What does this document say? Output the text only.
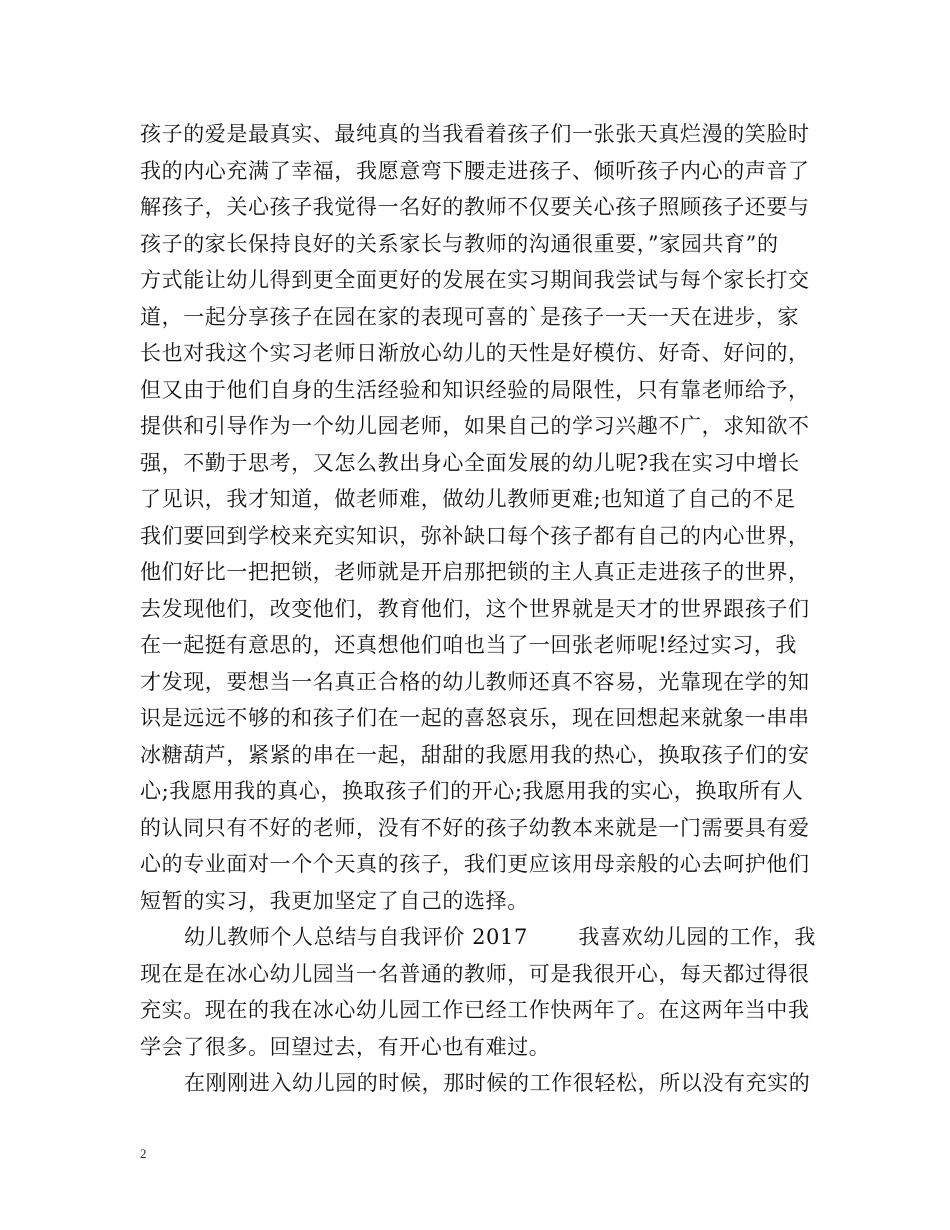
孩子的爱是最真实、最纯真的当我看着孩子们一张张天真烂漫的笑脸时
我的内心充满了幸福，我愿意弯下腰走进孩子、倾听孩子内心的声音了
解孩子，关心孩子我觉得一名好的教师不仅要关心孩子照顾孩子还要与
孩子的家长保持良好的关系家长与教师的沟通很重要，”家园共育”的
方式能让幼儿得到更全面更好的发展在实习期间我尝试与每个家长打交
道，一起分享孩子在园在家的表现可喜的`是孩子一天一天在进步，家
长也对我这个实习老师日渐放心幼儿的天性是好模仿、好奇、好问的，
但又由于他们自身的生活经验和知识经验的局限性，只有靠老师给予，
提供和引导作为一个幼儿园老师，如果自己的学习兴趣不广，求知欲不
强，不勤于思考，又怎么教出身心全面发展的幼儿呢?我在实习中增长
了见识，我才知道，做老师难，做幼儿教师更难;也知道了自己的不足
我们要回到学校来充实知识，弥补缺口每个孩子都有自己的内心世界，
他们好比一把把锁，老师就是开启那把锁的主人真正走进孩子的世界，
去发现他们，改变他们，教育他们，这个世界就是天才的世界跟孩子们
在一起挺有意思的，还真想他们咱也当了一回张老师呢!经过实习，我
才发现，要想当一名真正合格的幼儿教师还真不容易，光靠现在学的知
识是远远不够的和孩子们在一起的喜怒哀乐，现在回想起来就象一串串
冰糖葫芦，紧紧的串在一起，甜甜的我愿用我的热心，换取孩子们的安
心;我愿用我的真心，换取孩子们的开心;我愿用我的实心，换取所有人
的认同只有不好的老师，没有不好的孩子幼教本来就是一门需要具有爱
心的专业面对一个个天真的孩子，我们更应该用母亲般的心去呵护他们
短暂的实习，我更加坚定了自己的选择。
幼儿教师个人总结与自我评价 2017　　 我喜欢幼儿园的工作，我
现在是在冰心幼儿园当一名普通的教师，可是我很开心，每天都过得很
充实。现在的我在冰心幼儿园工作已经工作快两年了。在这两年当中我
学会了很多。回望过去，有开心也有难过。
在刚刚进入幼儿园的时候，那时候的工作很轻松，所以没有充实的
2
